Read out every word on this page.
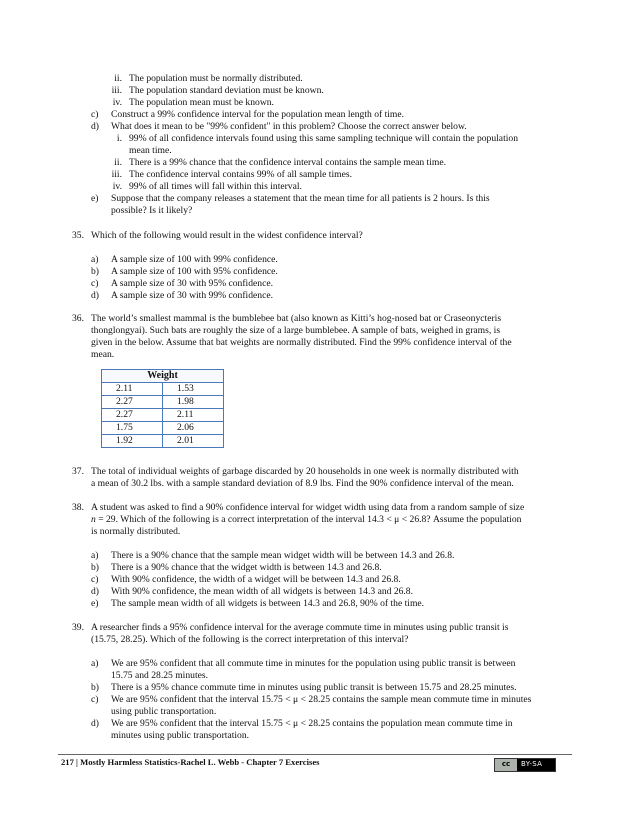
ii. The population must be normally distributed.
iii. The population standard deviation must be known.
iv. The population mean must be known.
c) Construct a 99% confidence interval for the population mean length of time.
d) What does it mean to be "99% confident" in this problem? Choose the correct answer below.
i. 99% of all confidence intervals found using this same sampling technique will contain the population
mean time.
ii. There is a 99% chance that the confidence interval contains the sample mean time.
iii. The confidence interval contains 99% of all sample times.
iv. 99% of all times will fall within this interval.
e) Suppose that the company releases a statement that the mean time for all patients is 2 hours. Is this
possible? Is it likely?
35. Which of the following would result in the widest confidence interval?
a) A sample size of 100 with 99% confidence.
b) A sample size of 100 with 95% confidence.
c) A sample size of 30 with 95% confidence.
d) A sample size of 30 with 99% confidence.
36. The world’s smallest mammal is the bumblebee bat (also known as Kitti’s hog-nosed bat or Craseonycteris
thonglongyai). Such bats are roughly the size of a large bumblebee. A sample of bats, weighed in grams, is
given in the below. Assume that bat weights are normally distributed. Find the 99% confidence interval of the
mean.
Weight	
2.11	1.53
2.27	1.98
2.27	2.11
1.75	2.06
1.92	2.01
37. The total of individual weights of garbage discarded by 20 households in one week is normally distributed with
a mean of 30.2 lbs. with a sample standard deviation of 8.9 lbs. Find the 90% confidence interval of the mean.
38. A student was asked to find a 90% confidence interval for widget width using data from a random sample of size
n = 29. Which of the following is a correct interpretation of the interval 14.3 < μ < 26.8? Assume the population
is normally distributed.
a) There is a 90% chance that the sample mean widget width will be between 14.3 and 26.8.
b) There is a 90% chance that the widget width is between 14.3 and 26.8.
c) With 90% confidence, the width of a widget will be between 14.3 and 26.8.
d) With 90% confidence, the mean width of all widgets is between 14.3 and 26.8.
e) The sample mean width of all widgets is between 14.3 and 26.8, 90% of the time.
39. A researcher finds a 95% confidence interval for the average commute time in minutes using public transit is
(15.75, 28.25). Which of the following is the correct interpretation of this interval?
a) We are 95% confident that all commute time in minutes for the population using public transit is between
15.75 and 28.25 minutes.
b) There is a 95% chance commute time in minutes using public transit is between 15.75 and 28.25 minutes.
c) We are 95% confident that the interval 15.75 < μ < 28.25 contains the sample mean commute time in minutes
using public transportation.
d) We are 95% confident that the interval 15.75 < μ < 28.25 contains the population mean commute time in
minutes using public transportation.
217 | Mostly Harmless Statistics-Rachel L. Webb - Chapter 7 Exercises	cc	BY-SA
